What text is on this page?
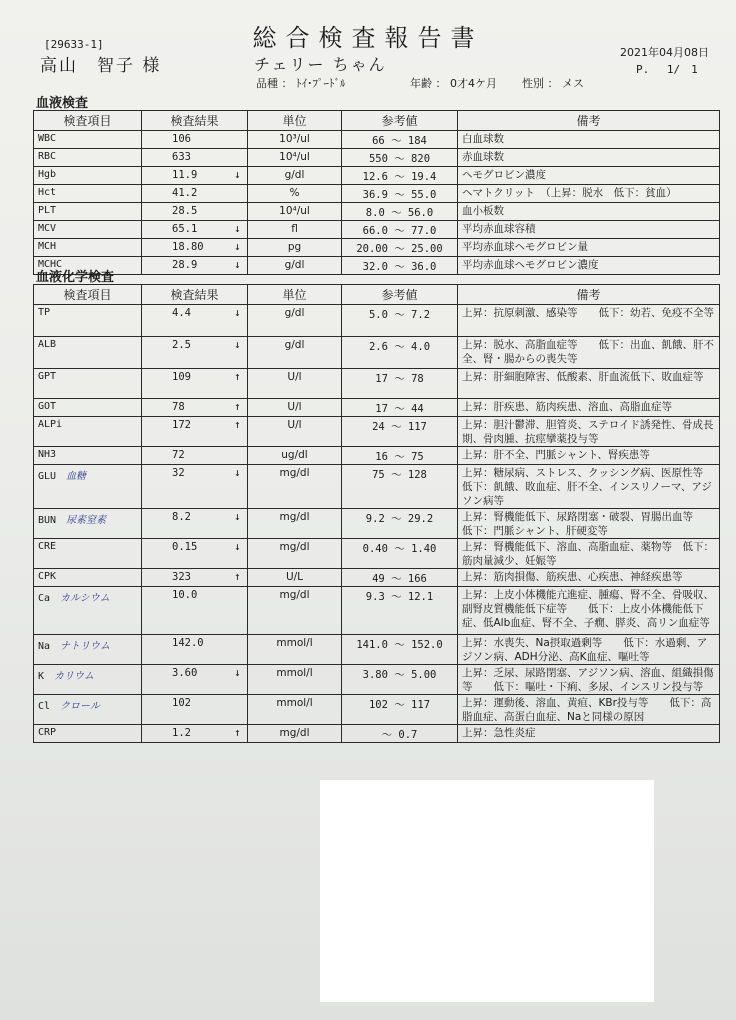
総合検査報告書
[29633-1]
高山　智子 様	チェリー ちゃん
2021年04月08日
P.　 1/　1
品種 ： ﾄｲ･ﾌﾟｰﾄﾞﾙ	年齢 ： 0才4ケ月 性別 ： メス
血液検査
検査項目	検査結果	単位	参考値	備考
WBC	106	10³/ul	66 ～ 184	白血球数
RBC	633	10⁴/ul	550 ～ 820	赤血球数
Hgb	11.9 ↓	g/dl	12.6 ～ 19.4	ヘモグロビン濃度
Hct	41.2	%	36.9 ～ 55.0	ヘマトクリット　（上昇：脱水　低下：貧血）
PLT	28.5	10⁴/ul	8.0 ～ 56.0	血小板数
MCV	65.1 ↓	fl	66.0 ～ 77.0	平均赤血球容積
MCH	18.80 ↓	pg	20.00 ～ 25.00	平均赤血球ヘモグロビン量
MCHC	28.9 ↓	g/dl	32.0 ～ 36.0	平均赤血球ヘモグロビン濃度
血液化学検査
検査項目	検査結果	単位	参考値	備考
TP	4.4 ↓	g/dl	5.0 ～ 7.2	上昇：抗原刺激、感染等　　低下：幼若、免疫不全等
ALB	2.5 ↓	g/dl	2.6 ～ 4.0	上昇：脱水、高脂血症等　　低下：出血、飢餓、肝不全、腎・腸からの喪失等
GPT	109 ↑	U/l	17 ～ 78	上昇：肝細胞障害、低酸素、肝血流低下、敗血症等
GOT	78 ↑	U/l	17 ～ 44	上昇：肝疾患、筋肉疾患、溶血、高脂血症等
ALPi	172 ↑	U/l	24 ～ 117	上昇：胆汁鬱滞、胆管炎、ステロイド誘発性、骨成長期、骨肉腫、抗痙攣薬投与等
NH3	72	ug/dl	16 ～ 75	上昇：肝不全、門脈シャント、腎疾患等
GLU 血糖	32 ↓	mg/dl	75 ～ 128	上昇：糖尿病、ストレス、クッシング病、医原性等　　低下：飢餓、敗血症、肝不全、インスリノーマ、アジソン病等
BUN 尿素窒素	8.2 ↓	mg/dl	9.2 ～ 29.2	上昇：腎機能低下、尿路閉塞・破裂、胃腸出血等　　低下：門脈シャント、肝硬変等
CRE	0.15 ↓	mg/dl	0.40 ～ 1.40	上昇：腎機能低下、溶血、高脂血症、薬物等　低下：筋肉量減少、妊娠等
CPK	323 ↑	U/L	49 ～ 166	上昇：筋肉損傷、筋疾患、心疾患、神経疾患等
Ca カルシウム	10.0	mg/dl	9.3 ～ 12.1	上昇：上皮小体機能亢進症、腫瘍、腎不全、骨吸収、副腎皮質機能低下症等　　低下：上皮小体機能低下症、低Alb血症、腎不全、子癇、膵炎、高リン血症等
Na ナトリウム	142.0	mmol/l	141.0 ～ 152.0	上昇：水喪失、Na摂取過剰等　　低下：水過剰、アジソン病、ADH分泌、高K血症、嘔吐等
K カリウム	3.60 ↓	mmol/l	3.80 ～ 5.00	上昇：乏尿、尿路閉塞、アジソン病、溶血、組織損傷等　　低下：嘔吐・下痢、多尿、インスリン投与等
Cl クロール	102	mmol/l	102 ～ 117	上昇：運動後、溶血、黄疸、KBr投与等　　低下：高脂血症、高蛋白血症、Naと同様の原因
CRP	1.2 ↑	mg/dl	～ 0.7	上昇：急性炎症
